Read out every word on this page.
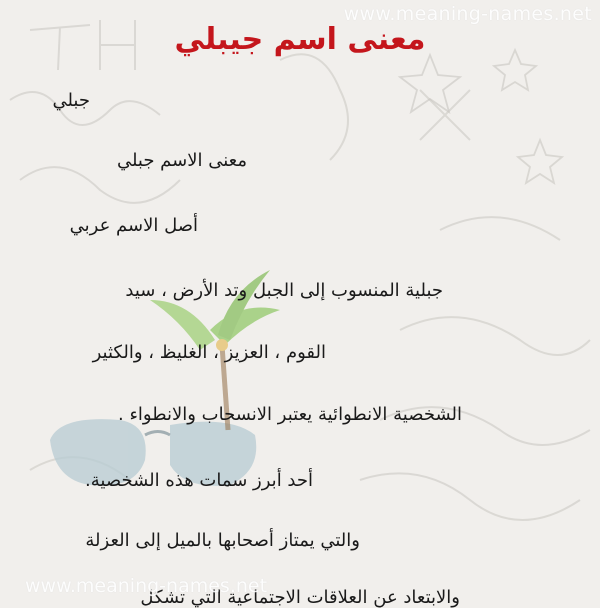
www.meaning-names.net
معنى اسم جيبلي
جبلي
معنى الاسم جبلي
أصل الاسم عربي
جبلية المنسوب إلى الجبل وتد الأرض ، سيد
القوم ، العزيز ، الغليظ ، والكثير
الشخصية الانطوائية يعتبر الانسحاب والانطواء .
أحد أبرز سمات هذه الشخصية.
والتي يمتاز أصحابها بالميل إلى العزلة
والابتعاد عن العلاقات الاجتماعية التي تشكل
www.meaning-names.net
